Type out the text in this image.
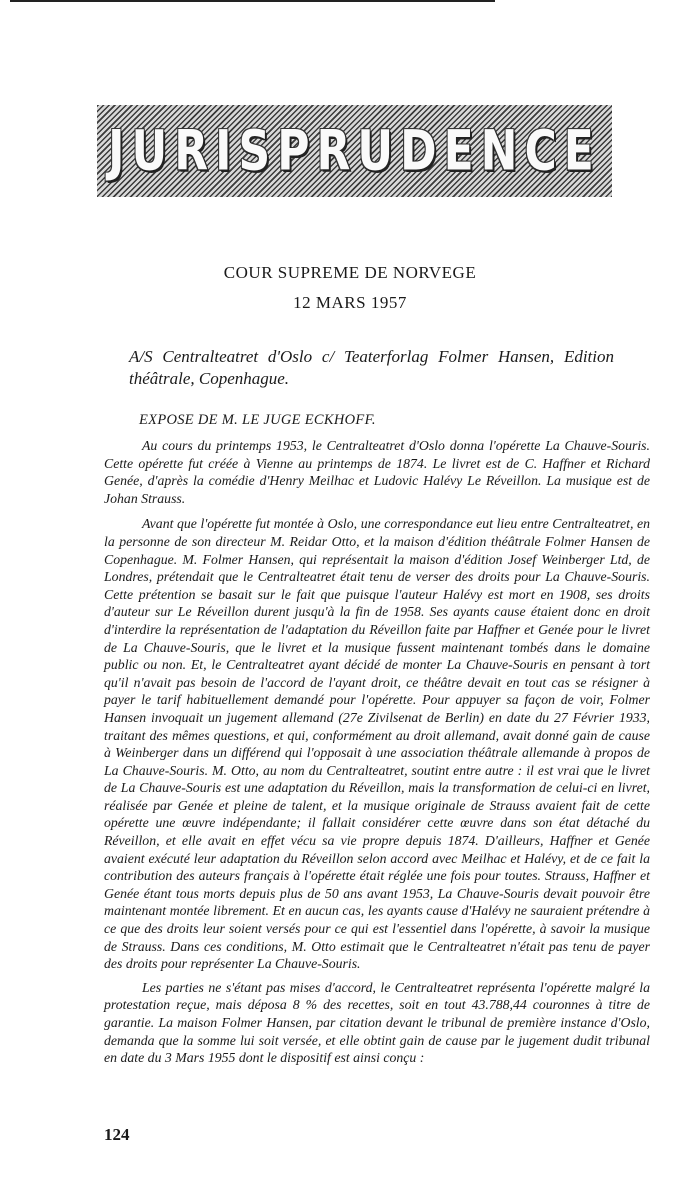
JURISPRUDENCE
COUR SUPREME DE NORVEGE
12 MARS 1957
A/S Centralteatret d'Oslo c/ Teaterforlag Folmer Hansen, Edition théâtrale, Copenhague.
EXPOSE DE M. LE JUGE ECKHOFF.

Au cours du printemps 1953, le Centralteatret d'Oslo donna l'opérette La Chauve-Souris. Cette opérette fut créée à Vienne au printemps de 1874. Le livret est de C. Haffner et Richard Genée, d'après la comédie d'Henry Meilhac et Ludovic Halévy Le Réveillon. La musique est de Johan Strauss.

Avant que l'opérette fut montée à Oslo, une correspondance eut lieu entre Centralteatret, en la personne de son directeur M. Reidar Otto, et la maison d'édition théâtrale Folmer Hansen de Copenhague. M. Folmer Hansen, qui représentait la maison d'édition Josef Weinberger Ltd, de Londres, prétendait que le Centralteatret était tenu de verser des droits pour La Chauve-Souris. Cette prétention se basait sur le fait que puisque l'auteur Halévy est mort en 1908, ses droits d'auteur sur Le Réveillon durent jusqu'à la fin de 1958. Ses ayants cause étaient donc en droit d'interdire la représentation de l'adaptation du Réveillon faite par Haffner et Genée pour le livret de La Chauve-Souris, que le livret et la musique fussent maintenant tombés dans le domaine public ou non. Et, le Centralteatret ayant décidé de monter La Chauve-Souris en pensant à tort qu'il n'avait pas besoin de l'accord de l'ayant droit, ce théâtre devait en tout cas se résigner à payer le tarif habituellement demandé pour l'opérette. Pour appuyer sa façon de voir, Folmer Hansen invoquait un jugement allemand (27e Zivilsenat de Berlin) en date du 27 Février 1933, traitant des mêmes questions, et qui, conformément au droit allemand, avait donné gain de cause à Weinberger dans un différend qui l'opposait à une association théâtrale allemande à propos de La Chauve-Souris. M. Otto, au nom du Centralteatret, soutint entre autre : il est vrai que le livret de La Chauve-Souris est une adaptation du Réveillon, mais la transformation de celui-ci en livret, réalisée par Genée et pleine de talent, et la musique originale de Strauss avaient fait de cette opérette une œuvre indépendante; il fallait considérer cette œuvre dans son état détaché du Réveillon, et elle avait en effet vécu sa vie propre depuis 1874. D'ailleurs, Haffner et Genée avaient exécuté leur adaptation du Réveillon selon accord avec Meilhac et Halévy, et de ce fait la contribution des auteurs français à l'opérette était réglée une fois pour toutes. Strauss, Haffner et Genée étant tous morts depuis plus de 50 ans avant 1953, La Chauve-Souris devait pouvoir être maintenant montée librement. Et en aucun cas, les ayants cause d'Halévy ne sauraient prétendre à ce que des droits leur soient versés pour ce qui est l'essentiel dans l'opérette, à savoir la musique de Strauss. Dans ces conditions, M. Otto estimait que le Centralteatret n'était pas tenu de payer des droits pour représenter La Chauve-Souris.

Les parties ne s'étant pas mises d'accord, le Centralteatret représenta l'opérette malgré la protestation reçue, mais déposa 8 % des recettes, soit en tout 43.788,44 couronnes à titre de garantie. La maison Folmer Hansen, par citation devant le tribunal de première instance d'Oslo, demanda que la somme lui soit versée, et elle obtint gain de cause par le jugement dudit tribunal en date du 3 Mars 1955 dont le dispositif est ainsi conçu :

124
